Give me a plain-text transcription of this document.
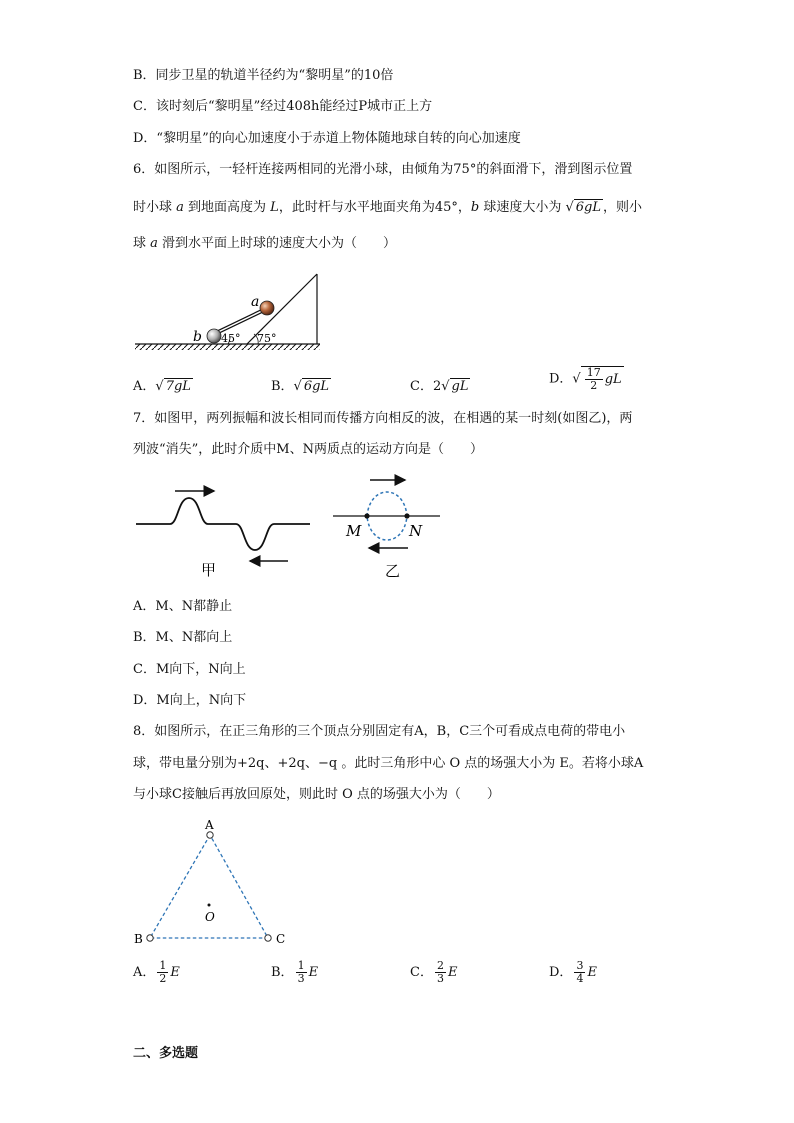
B．同步卫星的轨道半径约为“黎明星”的10倍
C．该时刻后“黎明星”经过408h能经过P城市正上方
D．“黎明星”的向心加速度小于赤道上物体随地球自转的向心加速度
6．如图所示，一轻杆连接两相同的光滑小球，由倾角为75°的斜面滑下，滑到图示位置
时小球 a 到地面高度为 L，此时杆与水平地面夹角为45°，b 球速度大小为 √ 6gL ，则小
球 a 滑到水平面上时球的速度大小为（　　）
a
b 45° 75°
A．√ 7gL	B．√ 6gL	C．2√ gL	D．√ $\frac{17}{2}$ gL
7．如图甲，两列振幅和波长相同而传播方向相反的波，在相遇的某一时刻(如图乙)，两
列波“消失”，此时介质中M、N两质点的运动方向是（　　）
甲
M	N
乙
A．M、N都静止
B．M、N都向上
C．M向下，N向上
D．M向上，N向下
8．如图所示，在正三角形的三个顶点分别固定有A，B，C三个可看成点电荷的带电小
球，带电量分别为+2q、+2q、−q 。此时三角形中心 O 点的场强大小为 E。若将小球A
与小球C接触后再放回原处，则此时 O 点的场强大小为（　　）
A
B	C
O
A． $\frac{1}{2}$ E	B． $\frac{1}{3}$ E	C． $\frac{2}{3}$ E	D． $\frac{3}{4}$ E
二、多选题
